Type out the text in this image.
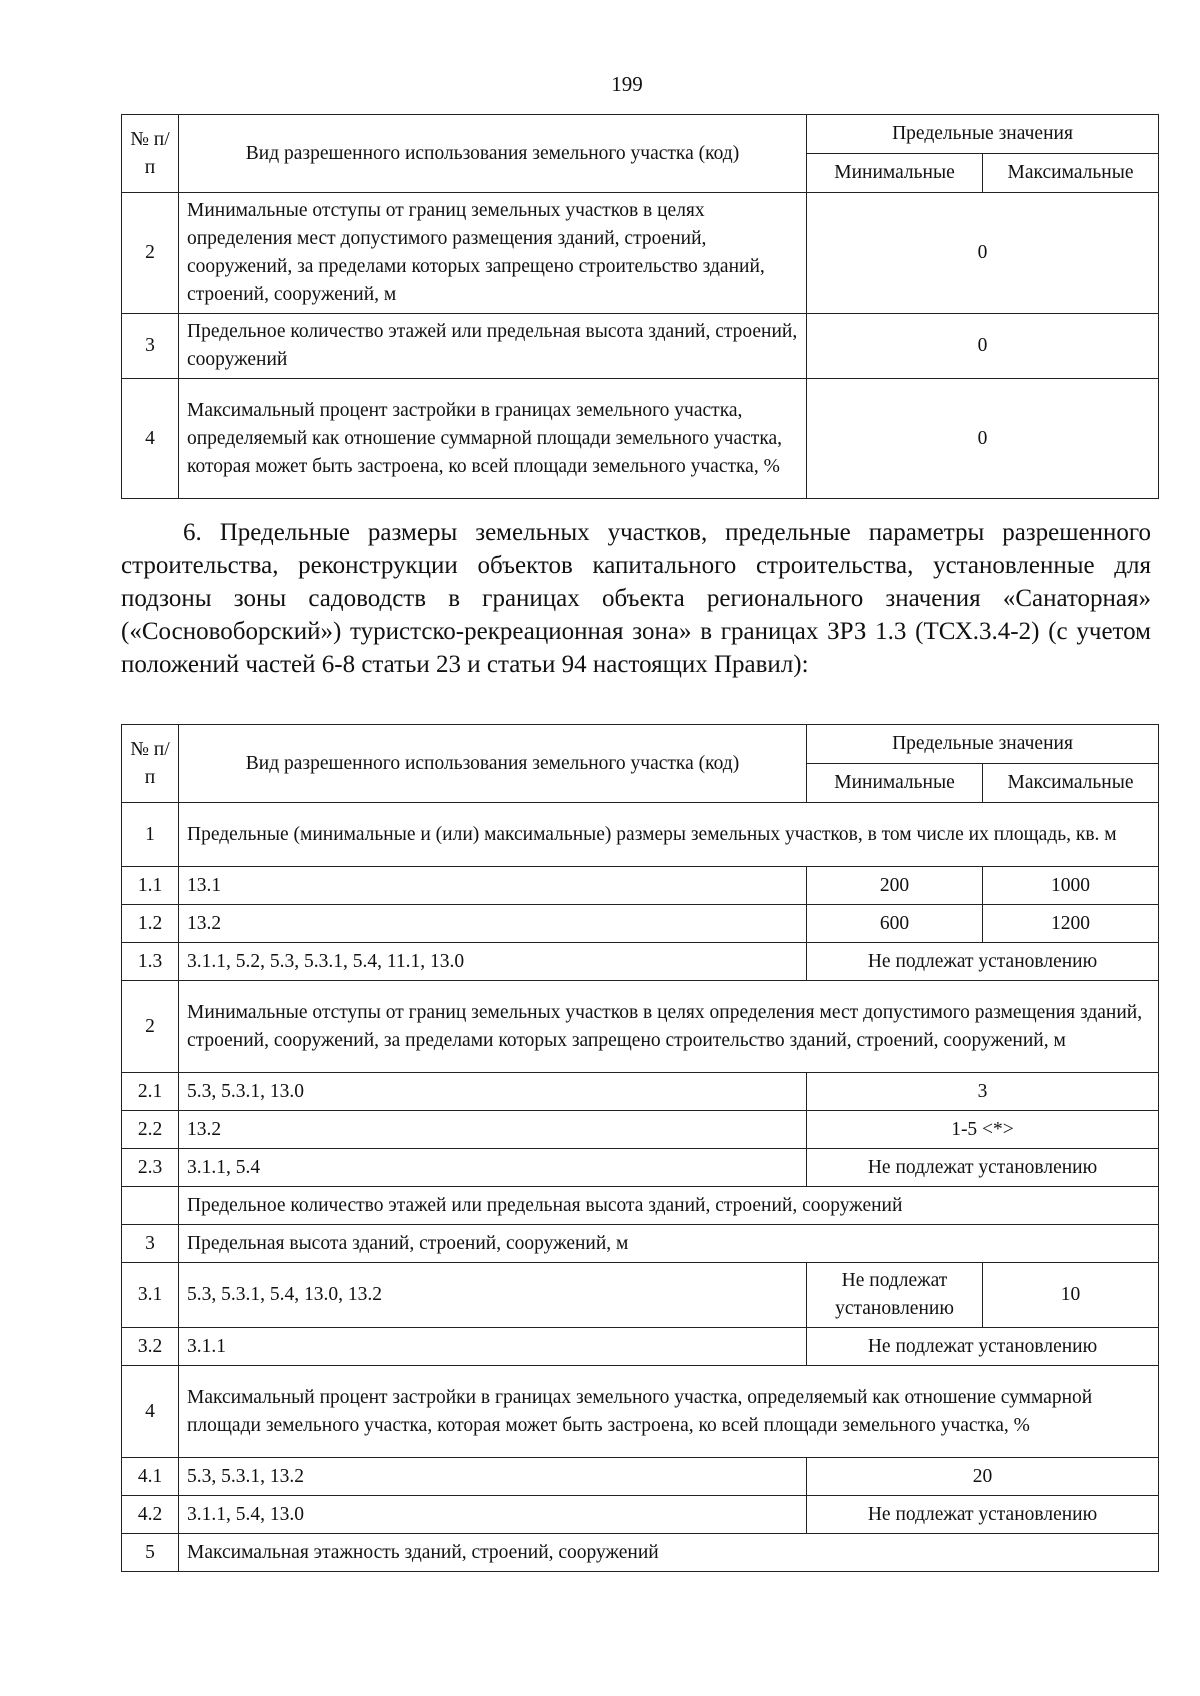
199
№ п/п	Вид разрешенного использования земельного участка (код)	Предельные значения	
		Минимальные	Максимальные
2	Минимальные отступы от границ земельных участков в целях определения мест допустимого размещения зданий, строений, сооружений, за пределами которых запрещено строительство зданий, строений, сооружений, м	0	
3	Предельное количество этажей или предельная высота зданий, строений, сооружений	0	
4	Максимальный процент застройки в границах земельного участка, определяемый как отношение суммарной площади земельного участка, которая может быть застроена, ко всей площади земельного участка, %	0	

6. Предельные размеры земельных участков, предельные параметры разрешенного строительства, реконструкции объектов капитального строительства, установленные для подзоны зоны садоводств в границах объекта регионального значения «Санаторная» («Сосновоборский») туристско-рекреационная зона» в границах ЗРЗ 1.3 (ТСХ.3.4-2) (с учетом положений частей 6-8 статьи 23 и статьи 94 настоящих Правил):

№ п/п	Вид разрешенного использования земельного участка (код)	Предельные значения	
		Минимальные	Максимальные
1	Предельные (минимальные и (или) максимальные) размеры земельных участков, в том числе их площадь, кв. м		
1.1	13.1	200	1000
1.2	13.2	600	1200
1.3	3.1.1, 5.2, 5.3, 5.3.1, 5.4, 11.1, 13.0	Не подлежат установлению	
2	Минимальные отступы от границ земельных участков в целях определения мест допустимого размещения зданий, строений, сооружений, за пределами которых запрещено строительство зданий, строений, сооружений, м		
2.1	5.3, 5.3.1, 13.0	3	
2.2	13.2	1-5 <*>	
2.3	3.1.1, 5.4	Не подлежат установлению	
	Предельное количество этажей или предельная высота зданий, строений, сооружений		
3	Предельная высота зданий, строений, сооружений, м		
3.1	5.3, 5.3.1, 5.4, 13.0, 13.2	Не подлежат установлению	10
3.2	3.1.1	Не подлежат установлению	
4	Максимальный процент застройки в границах земельного участка, определяемый как отношение суммарной площади земельного участка, которая может быть застроена, ко всей площади земельного участка, %		
4.1	5.3, 5.3.1, 13.2	20	
4.2	3.1.1, 5.4, 13.0	Не подлежат установлению	
5	Максимальная этажность зданий, строений, сооружений		
